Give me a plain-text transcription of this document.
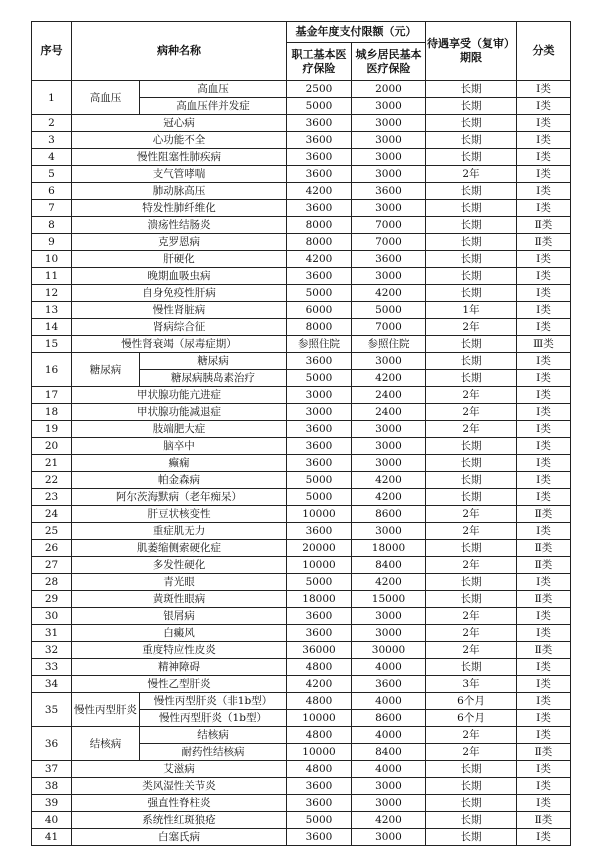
序号	病种名称		基金年度支付限额（元）		待遇享受（复审）期限	分类
			职工基本医疗保险	城乡居民基本医疗保险		
1	高血压	高血压	2500	2000	长期	Ⅰ类
		高血压伴并发症	5000	3000	长期	Ⅰ类
2	冠心病		3600	3000	长期	Ⅰ类
3	心功能不全		3600	3000	长期	Ⅰ类
4	慢性阻塞性肺疾病		3600	3000	长期	Ⅰ类
5	支气管哮喘		3600	3000	2年	Ⅰ类
6	肺动脉高压		4200	3600	长期	Ⅰ类
7	特发性肺纤维化		3600	3000	长期	Ⅰ类
8	溃疡性结肠炎		8000	7000	长期	Ⅱ类
9	克罗恩病		8000	7000	长期	Ⅱ类
10	肝硬化		4200	3600	长期	Ⅰ类
11	晚期血吸虫病		3600	3000	长期	Ⅰ类
12	自身免疫性肝病		5000	4200	长期	Ⅰ类
13	慢性肾脏病		6000	5000	1年	Ⅰ类
14	肾病综合征		8000	7000	2年	Ⅰ类
15	慢性肾衰竭（尿毒症期）		参照住院	参照住院	长期	Ⅲ类
16	糖尿病	糖尿病	3600	3000	长期	Ⅰ类
		糖尿病胰岛素治疗	5000	4200	长期	Ⅰ类
17	甲状腺功能亢进症		3000	2400	2年	Ⅰ类
18	甲状腺功能减退症		3000	2400	2年	Ⅰ类
19	肢端肥大症		3600	3000	2年	Ⅰ类
20	脑卒中		3600	3000	长期	Ⅰ类
21	癫痫		3600	3000	长期	Ⅰ类
22	帕金森病		5000	4200	长期	Ⅰ类
23	阿尔茨海默病（老年痴呆）		5000	4200	长期	Ⅰ类
24	肝豆状核变性		10000	8600	2年	Ⅱ类
25	重症肌无力		3600	3000	2年	Ⅰ类
26	肌萎缩侧索硬化症		20000	18000	长期	Ⅱ类
27	多发性硬化		10000	8400	2年	Ⅱ类
28	青光眼		5000	4200	长期	Ⅰ类
29	黄斑性眼病		18000	15000	长期	Ⅱ类
30	银屑病		3600	3000	2年	Ⅰ类
31	白癜风		3600	3000	2年	Ⅰ类
32	重度特应性皮炎		36000	30000	2年	Ⅱ类
33	精神障碍		4800	4000	长期	Ⅰ类
34	慢性乙型肝炎		4200	3600	3年	Ⅰ类
35	慢性丙型肝炎	慢性丙型肝炎（非1b型）	4800	4000	6个月	Ⅰ类
		慢性丙型肝炎（1b型）	10000	8600	6个月	Ⅰ类
36	结核病	结核病	4800	4000	2年	Ⅰ类
		耐药性结核病	10000	8400	2年	Ⅱ类
37	艾滋病		4800	4000	长期	Ⅰ类
38	类风湿性关节炎		3600	3000	长期	Ⅰ类
39	强直性脊柱炎		3600	3000	长期	Ⅰ类
40	系统性红斑狼疮		5000	4200	长期	Ⅱ类
41	白塞氏病		3600	3000	长期	Ⅰ类
